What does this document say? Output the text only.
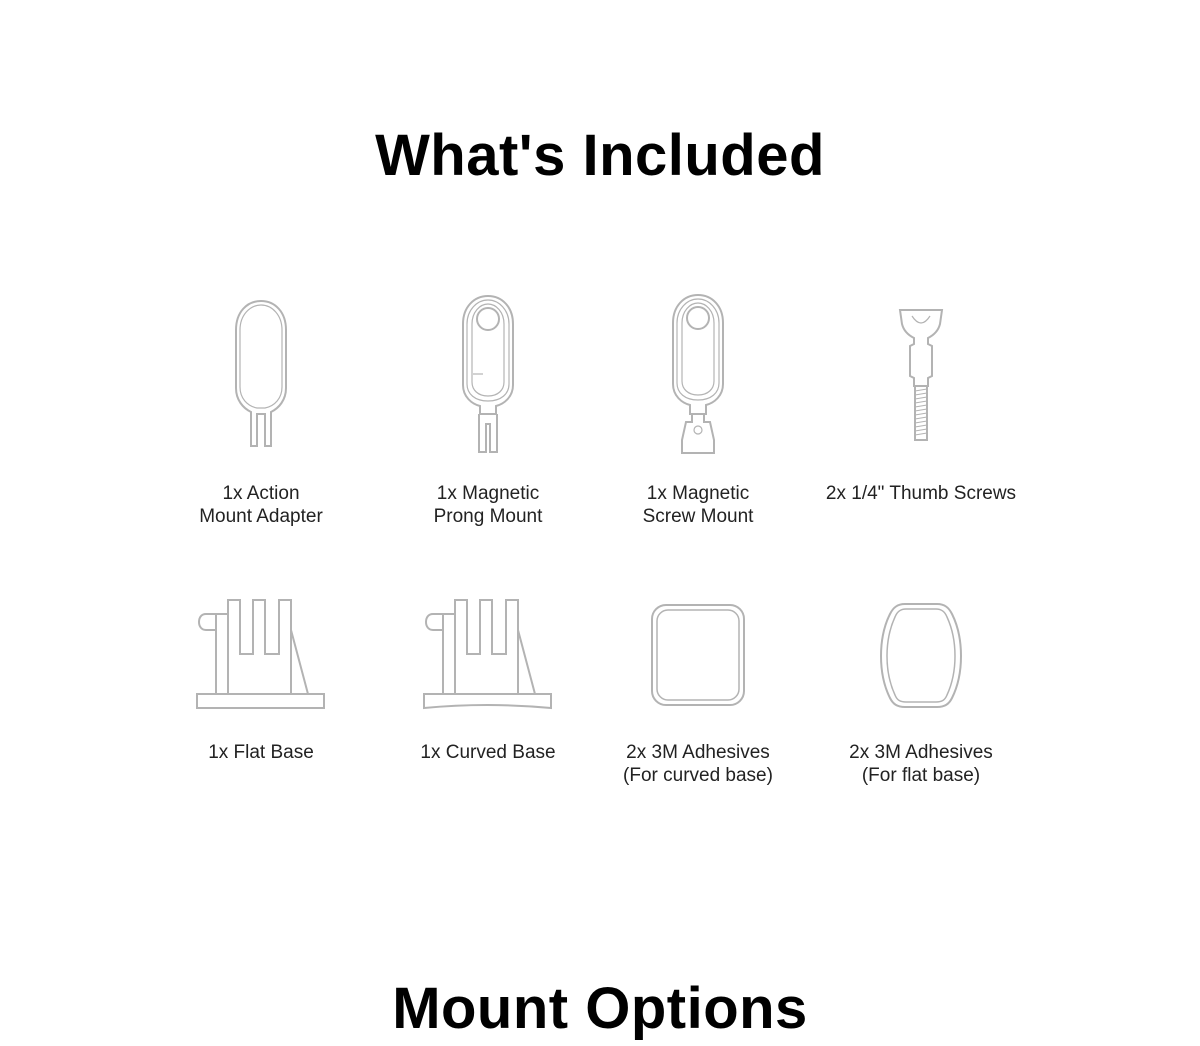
What's Included
1x Action
Mount Adapter
1x Magnetic
Prong Mount
1x Magnetic
Screw Mount
2x 1/4" Thumb Screws
1x Flat Base	1x Curved Base	2x 3M Adhesives
(For curved base)
2x 3M Adhesives
(For flat base)
Mount Options
